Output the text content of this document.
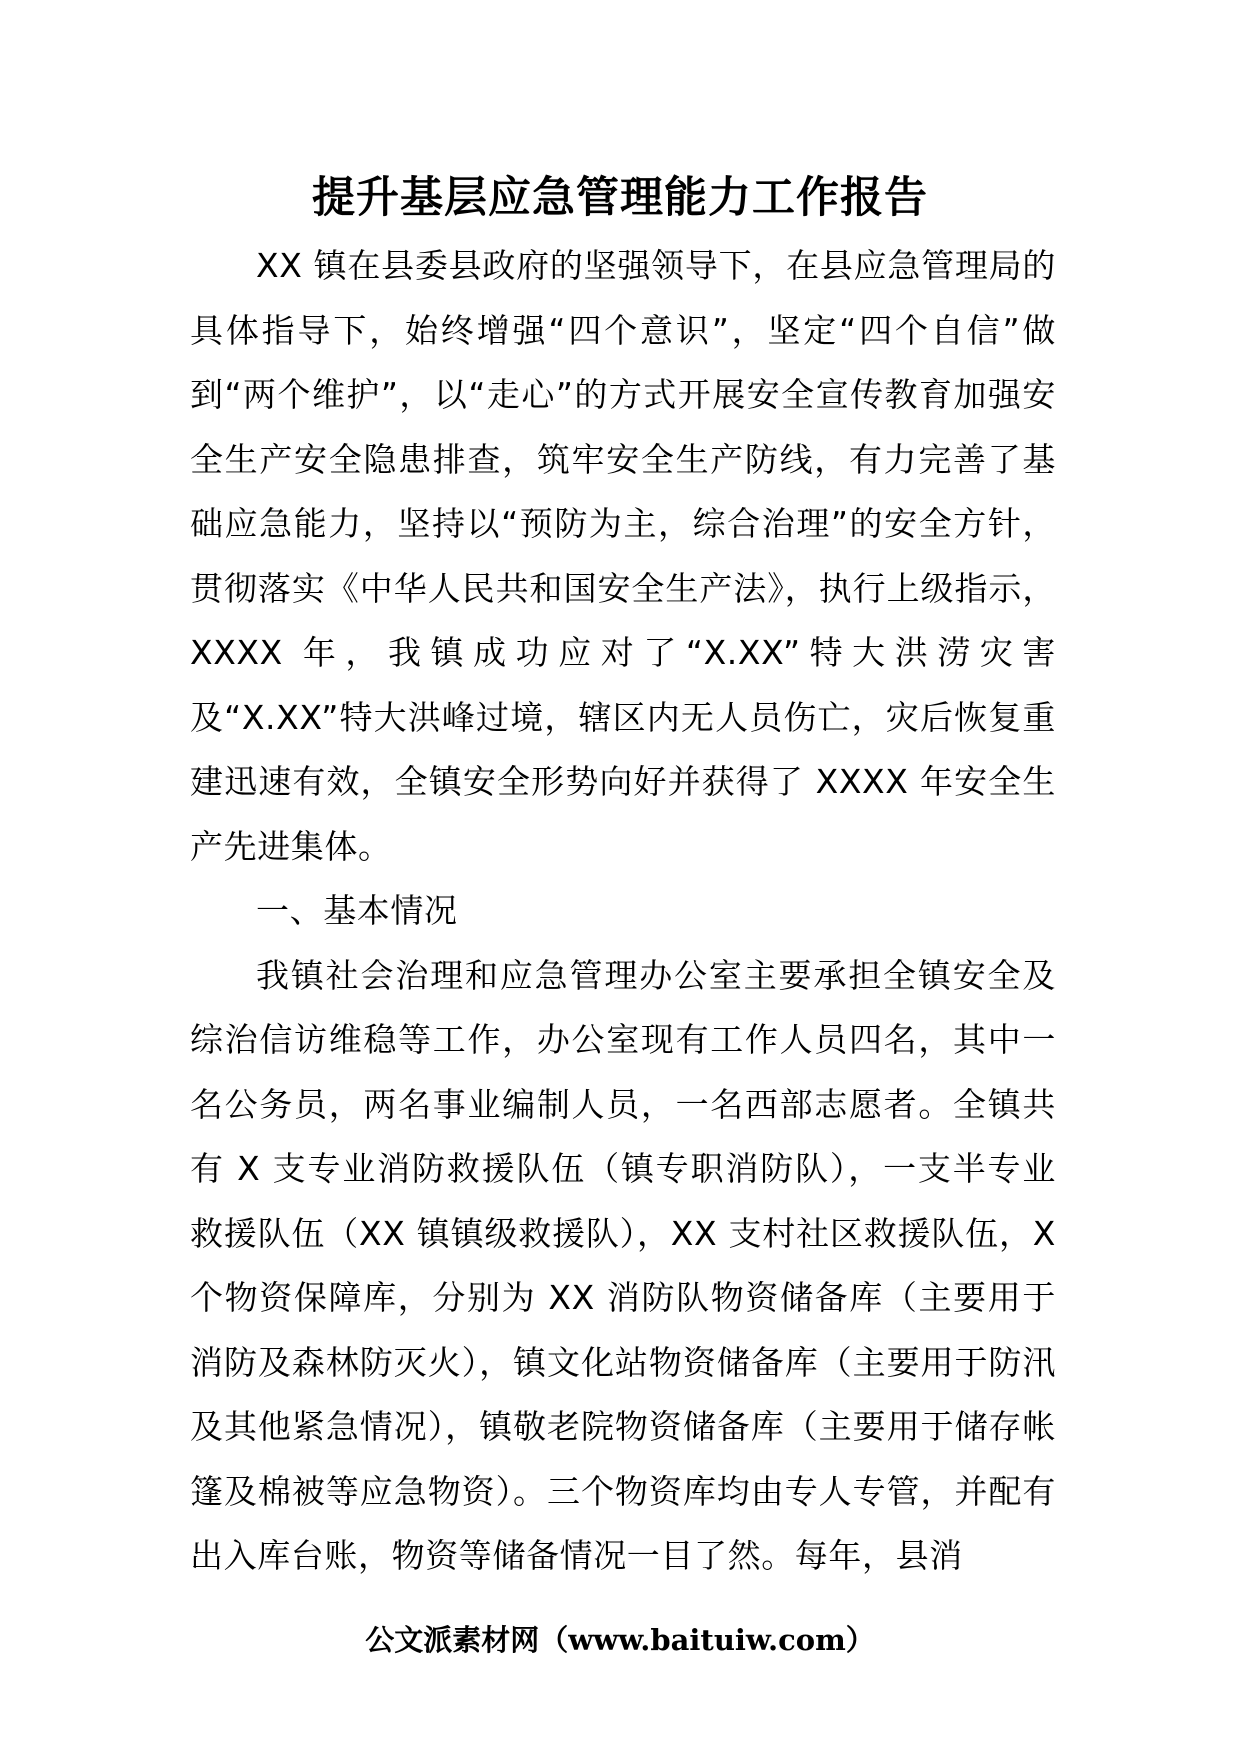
提升基层应急管理能力工作报告

XX 镇在县委县政府的坚强领导下，在县应急管理局的具体指导下，始终增强“四个意识”，坚定“四个自信”做到“两个维护”，以“走心”的方式开展安全宣传教育加强安全生产安全隐患排查，筑牢安全生产防线，有力完善了基础应急能力，坚持以“预防为主，综合治理”的安全方针，贯彻落实《中华人民共和国安全生产法》，执行上级指示，XXXX 年，我镇成功应对了“X.XX”特大洪涝灾害及“X.XX”特大洪峰过境，辖区内无人员伤亡，灾后恢复重建迅速有效，全镇安全形势向好并获得了 XXXX 年安全生产先进集体。

一、基本情况

我镇社会治理和应急管理办公室主要承担全镇安全及综治信访维稳等工作，办公室现有工作人员四名，其中一名公务员，两名事业编制人员，一名西部志愿者。全镇共有 X 支专业消防救援队伍（镇专职消防队），一支半专业救援队伍（XX 镇镇级救援队），XX 支村社区救援队伍，X 个物资保障库，分别为 XX 消防队物资储备库（主要用于消防及森林防灭火），镇文化站物资储备库（主要用于防汛及其他紧急情况），镇敬老院物资储备库（主要用于储存帐篷及棉被等应急物资）。三个物资库均由专人专管，并配有出入库台账，物资等储备情况一目了然。每年，县消

公文派素材网（www.baituiw.com）
